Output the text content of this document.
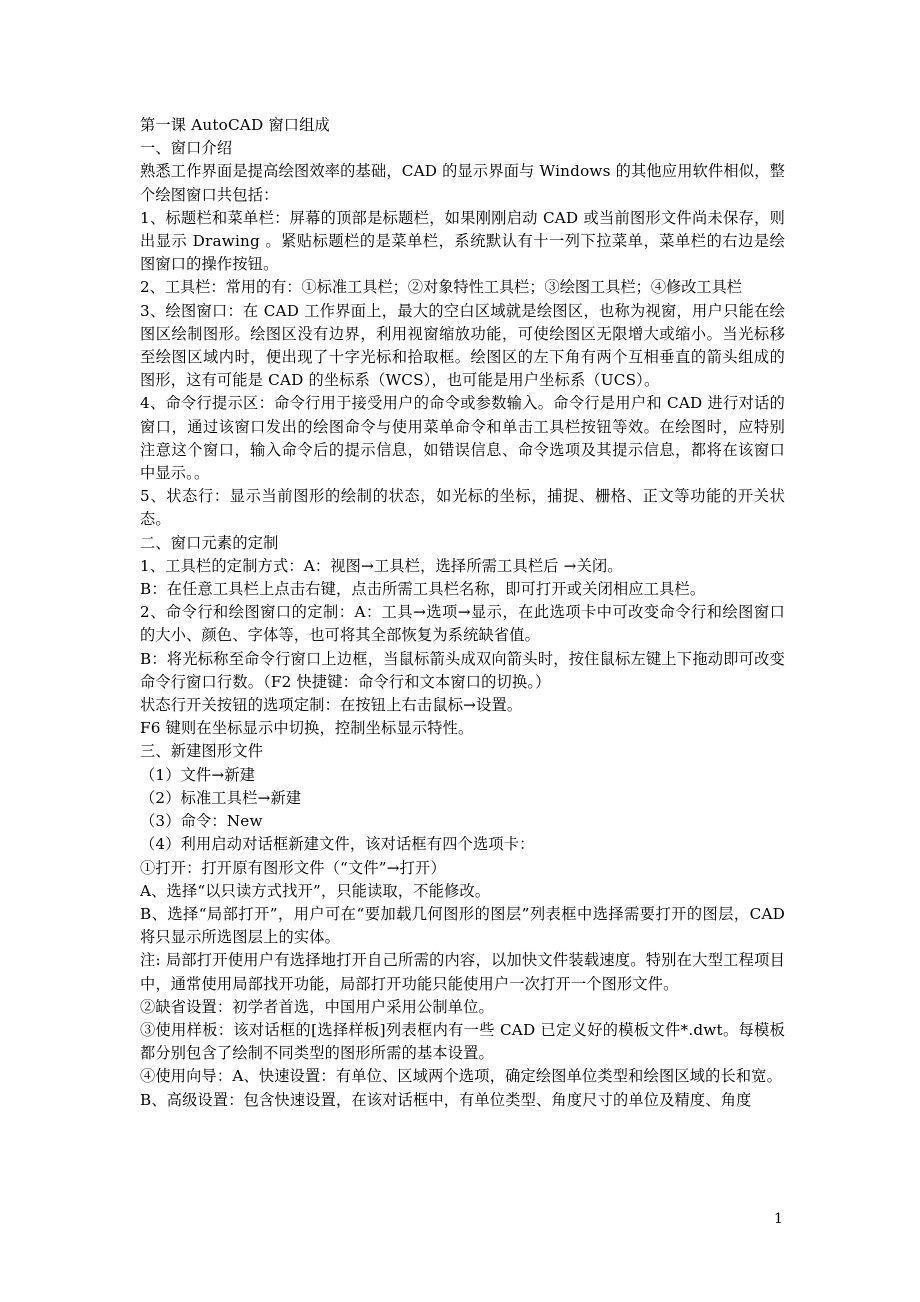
第一课 AutoCAD 窗口组成

一、窗口介绍

熟悉工作界面是提高绘图效率的基础，CAD 的显示界面与 Windows 的其他应用软件相似，整个绘图窗口共包括：

1、标题栏和菜单栏：屏幕的顶部是标题栏，如果刚刚启动 CAD 或当前图形文件尚未保存，则出显示 Drawing 。紧贴标题栏的是菜单栏，系统默认有十一列下拉菜单，菜单栏的右边是绘图窗口的操作按钮。

2、工具栏：常用的有：①标准工具栏；②对象特性工具栏；③绘图工具栏；④修改工具栏

3、绘图窗口：在 CAD 工作界面上，最大的空白区域就是绘图区，也称为视窗，用户只能在绘图区绘制图形。绘图区没有边界，利用视窗缩放功能，可使绘图区无限增大或缩小。当光标移至绘图区域内时，便出现了十字光标和拾取框。绘图区的左下角有两个互相垂直的箭头组成的图形，这有可能是 CAD 的坐标系（WCS），也可能是用户坐标系（UCS）。

4、命令行提示区：命令行用于接受用户的命令或参数输入。命令行是用户和 CAD 进行对话的窗口，通过该窗口发出的绘图命令与使用菜单命令和单击工具栏按钮等效。在绘图时，应特别注意这个窗口，输入命令后的提示信息，如错误信息、命令选项及其提示信息，都将在该窗口中显示。。

5、状态行：显示当前图形的绘制的状态，如光标的坐标，捕捉、栅格、正文等功能的开关状态。

二、窗口元素的定制

1、工具栏的定制方式：A：视图→工具栏，选择所需工具栏后 →关闭。

B：在任意工具栏上点击右键，点击所需工具栏名称，即可打开或关闭相应工具栏。

2、命令行和绘图窗口的定制：A：工具→选项→显示，在此选项卡中可改变命令行和绘图窗口的大小、颜色、字体等，也可将其全部恢复为系统缺省值。

B：将光标称至命令行窗口上边框，当鼠标箭头成双向箭头时，按住鼠标左键上下拖动即可改变命令行窗口行数。（F2 快捷键：命令行和文本窗口的切换。）

状态行开关按钮的选项定制：在按钮上右击鼠标→设置。

F6 键则在坐标显示中切换，控制坐标显示特性。

三、新建图形文件

（1）文件→新建

（2）标准工具栏→新建

（3）命令：New

（4）利用启动对话框新建文件，该对话框有四个选项卡：

①打开：打开原有图形文件（“文件”→打开）

A、选择“以只读方式找开”，只能读取，不能修改。

B、选择“局部打开”，用户可在“要加载几何图形的图层”列表框中选择需要打开的图层，CAD 将只显示所选图层上的实体。

注: 局部打开使用户有选择地打开自己所需的内容，以加快文件装载速度。特别在大型工程项目中，通常使用局部找开功能，局部打开功能只能使用户一次打开一个图形文件。

②缺省设置：初学者首选，中国用户采用公制单位。

③使用样板：该对话框的[选择样板]列表框内有一些 CAD 已定义好的模板文件*.dwt。每模板都分别包含了绘制不同类型的图形所需的基本设置。

④使用向导：A、快速设置：有单位、区域两个选项，确定绘图单位类型和绘图区域的长和宽。

B、高级设置：包含快速设置，在该对话框中，有单位类型、角度尺寸的单位及精度、角度

1
